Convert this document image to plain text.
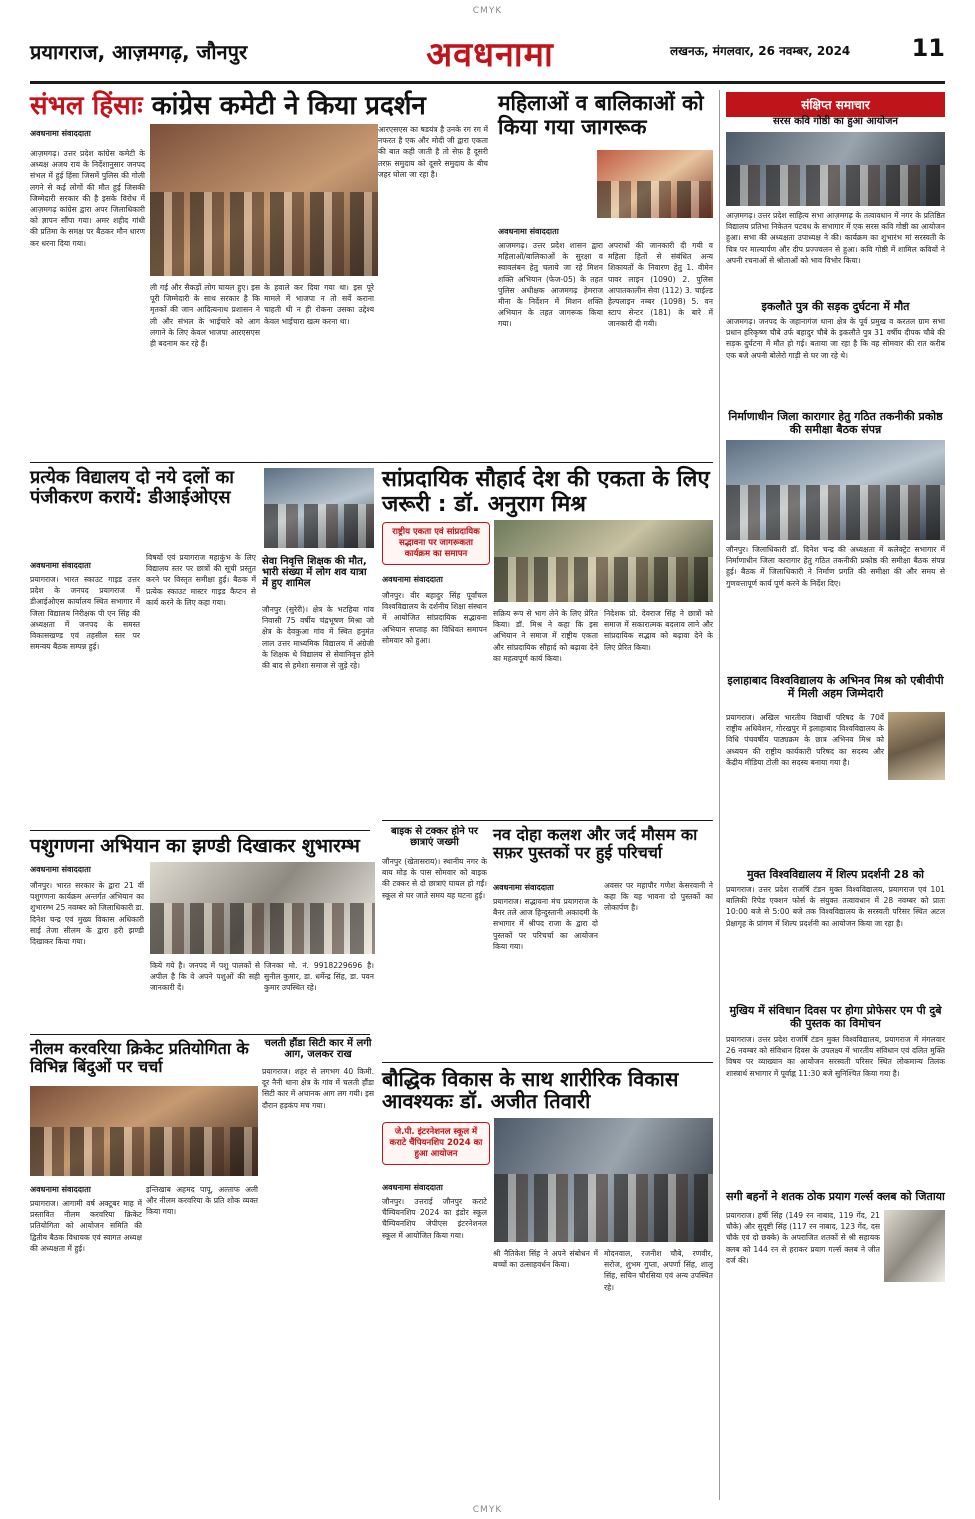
CMYK
प्रयागराज, आज़मगढ़, जौनपुर	अवधनामा	लखनऊ, मंगलवार, 26 नवम्बर, 2024	11
संभल हिंसाः कांग्रेस कमेटी ने किया प्रदर्शन
अवधनामा संवाददाता
आज़मगढ़। उत्तर प्रदेश कांग्रेस कमेटी के अध्यक्ष अजय राय के निर्देशानुसार जनपद संभल में हुई हिंसा जिसमें पुलिस की गोली लगने से कई लोगों की मौत हुई जिसकी जिम्मेदारी सरकार की है इसके विरोध में आज़मगढ़ कांग्रेस द्वारा अपर जिलाधिकारी को ज्ञापन सौंपा गया। अमर शहीद गांधी की प्रतिमा के समक्ष पर बैठकर मौन धारण कर धरना दिया गया।
ली गई और सैकड़ों लोग घायल हुए। इस पूरी जिम्मेदारी के साथ सरकार है कि मृतकों की जान आदित्यनाथ प्रशासन ने ली और संभल के भाईचारे को आग लगाने के लिए केवल भाजपा आरएसएस ही बदनाम कर रहे हैं।
के हवाले कर दिया गया था। इस पूरे मामले में भाजपा न तो सर्वे कराना चाहती थी न ही रोकना उसका उद्देश्य केवल भाईचारा खत्म करना था।
आरएसएस का षडयंत्र है उनके रग रग में नफरत है एक और मोदी जी द्वारा एकता की बात कही जाती है तो सेफ़ है दूसरी तरफ़ समुदाय को दूसरे समुदाय के बीच जहर घोला जा रहा है।
महिलाओं व बालिकाओं को किया गया जागरूक
अवधनामा संवाददाता
आजमगढ़। उत्तर प्रदेश शासन द्वारा महिलाओं/बालिकाओं के सुरक्षा व स्वावलंबन हेतु चलाये जा रहे मिशन शक्ति अभियान (फेज-05) के तहत पुलिस अधीक्षक आजमगढ़ हेमराज मीना के निर्देशन में मिशन शक्ति अभियान के तहत जागरूक किया गया।
अपराधों की जानकारी दी गयी व महिला हितों से संबंधित अन्य शिकायतों के निवारण हेतु 1. वीमेन पावर लाइन (1090) 2. पुलिस आपातकालीन सेवा (112) 3. चाईल्ड हेल्पलाइन नम्बर (1098) 5. वन स्टाप सेन्टर (181) के बारे में जानकारी दी गयी।
संक्षिप्त समाचार
सरस कवि गोष्ठी का हुआ आयोजन
आज़मगढ़। उत्तर प्रदेश साहित्य सभा आज़मगढ़ के तत्वावधान में नगर के प्रतिष्ठित विद्यालय प्रतिभा निकेतन पटवध के सभागार में एक सरस कवि गोष्ठी का आयोजन हुआ। सभा की अध्यक्षता उपाध्यक्ष ने की। कार्यक्रम का शुभारंभ मां सरस्वती के चित्र पर माल्यार्पण और दीप प्रज्ज्वलन से हुआ। कवि गोष्ठी में शामिल कवियों ने अपनी रचनाओं से श्रोताओं को भाव विभोर किया।
इकलौते पुत्र की सड़क दुर्घटना में मौत
आजमगढ़। जनपद के जहानागंज थाना क्षेत्र के पूर्व प्रमुख व करतल ग्राम सभा प्रधान हरिकृष्ण चौबे उर्फ बहादुर चौबे के इकलौते पुत्र 31 वर्षीय दीपक चौबे की सड़क दुर्घटना में मौत हो गई। बताया जा रहा है कि वह सोमवार की रात करीब एक बजे अपनी बोलेरो गाड़ी से घर जा रहे थे।
निर्माणाधीन जिला कारागार हेतु गठित तकनीकी प्रकोष्ठ की समीक्षा बैठक संपन्न
जौनपुर। जिलाधिकारी डॉ. दिनेश चन्द्र की अध्यक्षता में कलेक्ट्रेट सभागार में निर्माणाधीन जिला कारागार हेतु गठित तकनीकी प्रकोष्ठ की समीक्षा बैठक संपन्न हुई। बैठक में जिलाधिकारी ने निर्माण प्रगति की समीक्षा की और समय से गुणवत्तापूर्ण कार्य पूर्ण करने के निर्देश दिए।
इलाहाबाद विश्वविद्यालय के अभिनव मिश्र को एबीवीपी में मिली अहम जिम्मेदारी
प्रयागराज। अखिल भारतीय विद्यार्थी परिषद के 70वें राष्ट्रीय अधिवेशन, गोरखपुर में इलाहाबाद विश्वविद्यालय के विधि पंचवर्षीय पाठ्यक्रम के छात्र अभिनव मिश्र को अध्ययन की राष्ट्रीय कार्यकारी परिषद का सदस्य और केंद्रीय मीडिया टोली का सदस्य बनाया गया है।
मुक्त विश्वविद्यालय में शिल्प प्रदर्शनी 28 को
प्रयागराज। उत्तर प्रदेश राजर्षि टंडन मुक्त विश्वविद्यालय, प्रयागराज एवं 101 बालिकी रिपेड एक्शन फोर्स के संयुक्त तत्वावधान में 28 नवम्बर को प्रातः 10:00 बजे से 5:00 बजे तक विश्वविद्यालय के सरस्वती परिसर स्थित अटल प्रेक्षागृह के प्रांगण में शिल्प प्रदर्शनी का आयोजन किया जा रहा है।
मुखिय में संविधान दिवस पर होगा प्रोफेसर एम पी दुबे की पुस्तक का विमोचन
प्रयागराज। उत्तर प्रदेश राजर्षि टंडन मुक्त विश्वविद्यालय, प्रयागराज में मंगलवार 26 नवम्बर को संविधान दिवस के उपलक्ष्य में भारतीय संविधान एवं दलित मुक्ति विषय पर व्याख्यान का आयोजन सरस्वती परिसर स्थित लोकमान्य तिलक शास्त्रार्थ सभागार में पूर्वाह्न 11:30 बजे सुनिश्चित किया गया है।
सगी बहनों ने शतक ठोक प्रयाग गर्ल्स क्लब को जिताया
प्रयागराज। हर्षी सिंह (149 रन नाबाद, 119 गेंद, 21 चौके) और सुदृष्टी सिंह (117 रन नाबाद, 123 गेंद, दस चौके एवं दो छक्के) के अपराजित शतकों से श्री सहायक क्लब को 144 रन से हराकर प्रयाग गर्ल्स क्लब ने जीत दर्ज की।
प्रत्येक विद्यालय दो नये दलों का पंजीकरण करायें: डीआईओएस
अवधनामा संवाददाता
प्रयागराज। भारत स्काउट गाइड उत्तर प्रदेश के जनपद प्रयागराज में डीआईओएस कार्यालय स्थित सभागार में जिला विद्यालय निरीक्षक पी एन सिंह की अध्यक्षता में जनपद के समस्त विकासखण्ड एवं तहसील स्तर पर समन्वय बैठक सम्पन्न हुई।
विषयों एवं प्रयागराज महाकुंभ के लिए विद्यालय स्तर पर छात्रों की सूची प्रस्तुत करने पर विस्तृत समीक्षा हुई। बैठक में प्रत्येक स्काउट मास्टर गाइड कैप्टन से कार्य करने के लिए कहा गया।
सेवा निवृत्ति शिक्षक की मौत, भारी संख्या में लोग शव यात्रा में हुए शामिल
जौनपुर (सुरेरी)। क्षेत्र के भटहिया गांव निवासी 75 वर्षीय चंद्रभूषण मिश्रा जो क्षेत्र के देवकुआ गांव में स्थित हनुमंत लाल उत्तर माध्यमिक विद्यालय में अंग्रेजी के शिक्षक थे विद्यालय से सेवानिवृत्त होने की बाद से हमेशा समाज से जुड़े रहे।
सांप्रदायिक सौहार्द देश की एकता के लिए जरूरी : डॉ. अनुराग मिश्र
राष्ट्रीय एकता एवं सांप्रदायिक सद्भावना पर जागरूकता कार्यक्रम का समापन
अवधनामा संवाददाता
जौनपुर। वीर बहादुर सिंह पूर्वांचल विश्वविद्यालय के दर्शनीय शिक्षा संस्थान में आयोजित सांप्रदायिक सद्भावना अभियान सप्ताह का विधिवत समापन सोमवार को हुआ।
सक्रिय रूप से भाग लेने के लिए प्रेरित किया। डॉ. मिश्र ने कहा कि इस अभियान ने समाज में राष्ट्रीय एकता और सांप्रदायिक सौहार्द को बढ़ावा देने का महत्वपूर्ण कार्य किया।
निदेशक प्रो. देवराज सिंह ने छात्रों को समाज में सकारात्मक बदलाव लाने और सांप्रदायिक सद्भाव को बढ़ावा देने के लिए प्रेरित किया।
पशुगणना अभियान का झण्डी दिखाकर शुभारम्भ
अवधनामा संवाददाता
जौनपुर। भारत सरकार के द्वारा 21 वीं पशुगणना कार्यक्रम अन्तर्गत अभियान का शुभारम्भ 25 नवम्बर को जिलाधिकारी डा. दिनेश चन्द्र एवं मुख्य विकास अधिकारी साई तेजा सीलम के द्वारा हरी झण्डी दिखाकर किया गया।
किये गये है। जनपद में पशु पालकों से अपील है कि वे अपने पशुओं की सही जानकारी दें।
जिनका मो. नं. 9918229696 है। सुनील कुमार, डा. धर्मेन्द्र सिंह, डा. पवन कुमार उपस्थित रहे।
बाइक से टक्कर होने पर छात्राएं जख्मी
जौनपुर (खेतासराय)। स्थानीय नगर के बाय मोड़ के पास सोमवार को बाइक की टक्कर से दो छात्राएं घायल हो गईं। स्कूल से घर जाते समय यह घटना हुई।
नव दोहा कलश और जर्द मौसम का सफ़र पुस्तकों पर हुई परिचर्चा
अवधनामा संवाददाता
प्रयागराज। सद्भावना मंच प्रयागराज के बैनर तले आज हिन्दुस्तानी अकादमी के सभागार में श्रीपद राजा के द्वारा दो पुस्तकों पर परिचर्चा का आयोजन किया गया।
अवसर पर महापौर गणेश केसरवानी ने कहा कि यह भावना दो पुस्तकों का लोकार्पण है।
नीलम करवरिया क्रिकेट प्रतियोगिता के विभिन्न बिंदुओं पर चर्चा
अवधनामा संवाददाता
प्रयागराज। आगामी वर्ष अक्टूबर माह में प्रस्तावित नीलम करवरिया क्रिकेट प्रतियोगिता को आयोजन समिति की द्वितीय बैठक विधायक एवं स्वागत अध्यक्ष की अध्यक्षता में हुई।
इन्तिखाब अहमद पापू, अल्ताफ अली और नीलम करवरिया के प्रति शोक व्यक्त किया गया।
चलती हौंडा सिटी कार में लगी आग, जलकर राख
प्रयागराज। शहर से लगभग 40 किमी. दूर नैनी थाना क्षेत्र के गांव में चलती हौंडा सिटी कार में अचानक आग लग गयी। इस दौरान हड़कंप मच गया।
बौद्धिक विकास के साथ शारीरिक विकास आवश्यकः डॉ. अजीत तिवारी
जे.पी. इंटरनेशनल स्कूल में कराटे चैंपियनशिप 2024 का हुआ आयोजन
अवधनामा संवाददाता
जौनपुर। उत्तराई जौनपुर कराटे चैम्पियनशिप 2024 का इंडोर स्कूल चैम्पियनशिप जेपीएस इंटरनेशनल स्कूल में आयोजित किया गया।
श्री नैतिकेश सिंह ने अपने संबोधन में बच्चों का उत्साहवर्धन किया।
मोदनवाल, रजनीश चौबे, रणवीर, सरोज, शुभम गुप्ता, अपर्णा सिंह, शालू सिंह, सचिन चौरसिया एवं अन्य उपस्थित रहे।
CMYK
